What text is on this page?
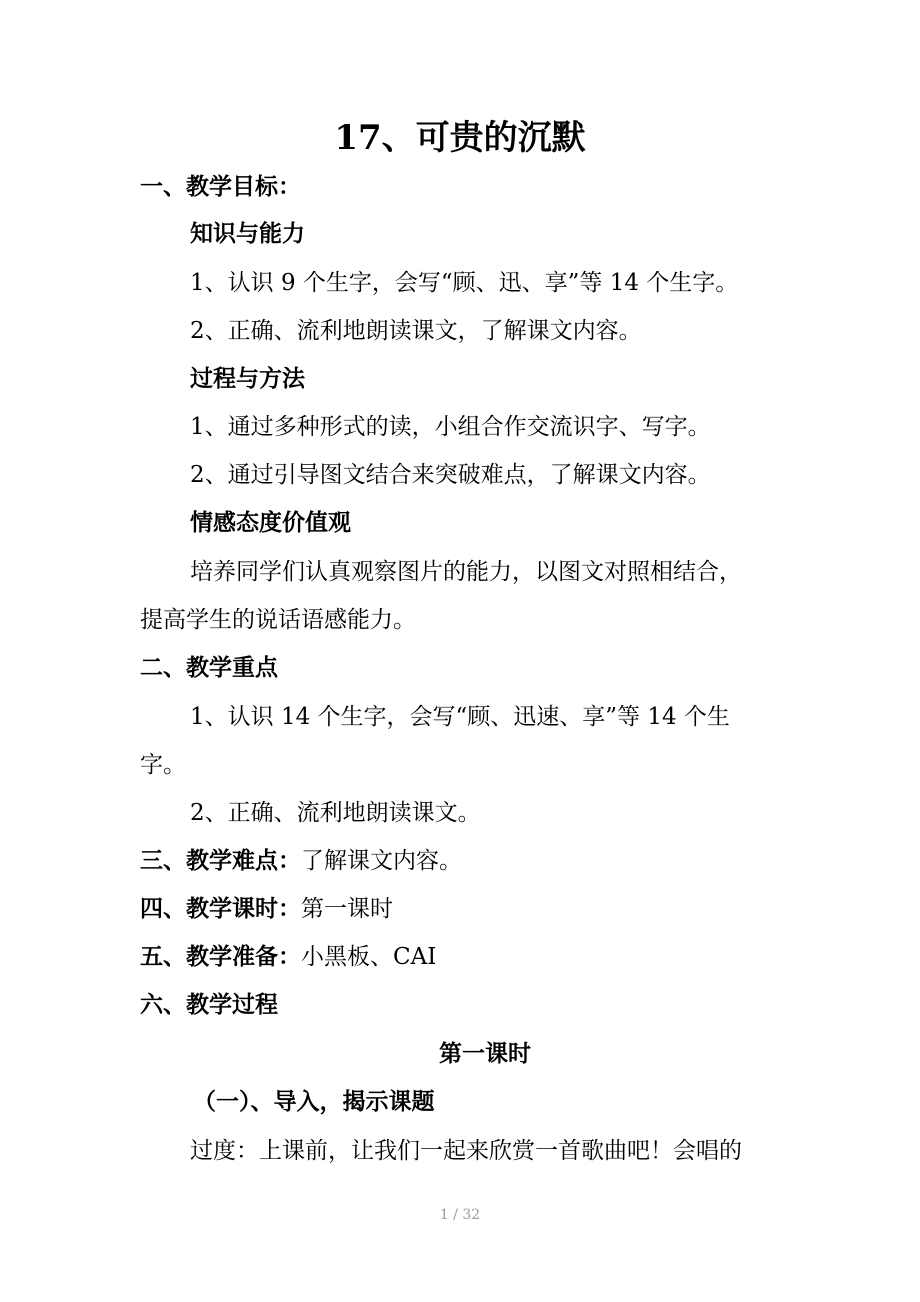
17、可贵的沉默
一、教学目标：
知识与能力
1、认识 9 个生字，会写“顾、迅、享”等 14 个生字。
2、正确、流利地朗读课文，了解课文内容。
过程与方法
1、通过多种形式的读，小组合作交流识字、写字。
2、通过引导图文结合来突破难点，了解课文内容。
情感态度价值观
培养同学们认真观察图片的能力，以图文对照相结合，
提高学生的说话语感能力。
二、教学重点
1、认识 14 个生字，会写“顾、迅速、享”等 14 个生
字。
2、正确、流利地朗读课文。
三、教学难点：了解课文内容。
四、教学课时：第一课时
五、教学准备：小黑板、CAI
六、教学过程
第一课时
（一）、导入，揭示课题
过度：上课前，让我们一起来欣赏一首歌曲吧！会唱的
1 / 32
